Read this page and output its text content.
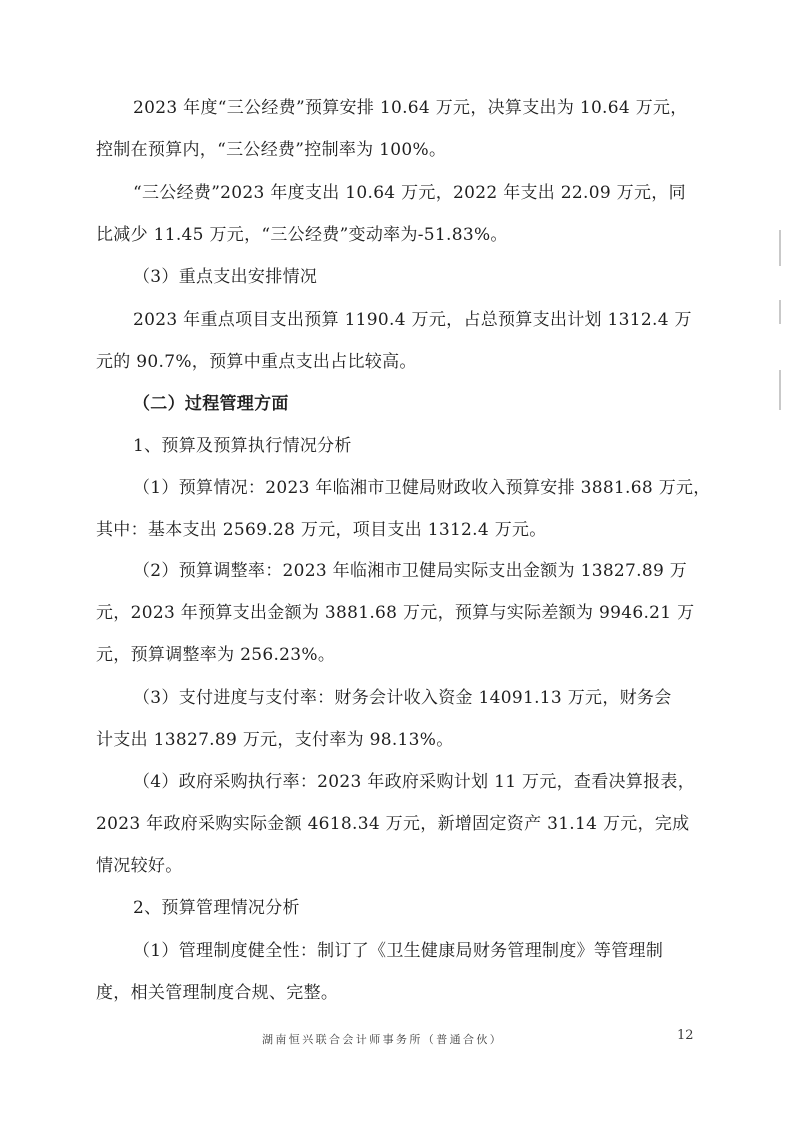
2023 年度“三公经费”预算安排 10.64 万元，决算支出为 10.64 万元，
控制在预算内，“三公经费”控制率为 100%。
“三公经费”2023 年度支出 10.64 万元，2022 年支出 22.09 万元，同
比减少 11.45 万元，“三公经费”变动率为-51.83%。
（3）重点支出安排情况
2023 年重点项目支出预算 1190.4 万元，占总预算支出计划 1312.4 万
元的 90.7%，预算中重点支出占比较高。
（二）过程管理方面
1、预算及预算执行情况分析
（1）预算情况：2023 年临湘市卫健局财政收入预算安排 3881.68 万元，
其中：基本支出 2569.28 万元，项目支出 1312.4 万元。
（2）预算调整率：2023 年临湘市卫健局实际支出金额为 13827.89 万
元，2023 年预算支出金额为 3881.68 万元，预算与实际差额为 9946.21 万
元，预算调整率为 256.23%。
（3）支付进度与支付率：财务会计收入资金 14091.13 万元，财务会
计支出 13827.89 万元，支付率为 98.13%。
（4）政府采购执行率：2023 年政府采购计划 11 万元，查看决算报表，
2023 年政府采购实际金额 4618.34 万元，新增固定资产 31.14 万元，完成
情况较好。
2、预算管理情况分析
（1）管理制度健全性：制订了《卫生健康局财务管理制度》等管理制
度，相关管理制度合规、完整。
湖南恒兴联合会计师事务所（普通合伙）	12
